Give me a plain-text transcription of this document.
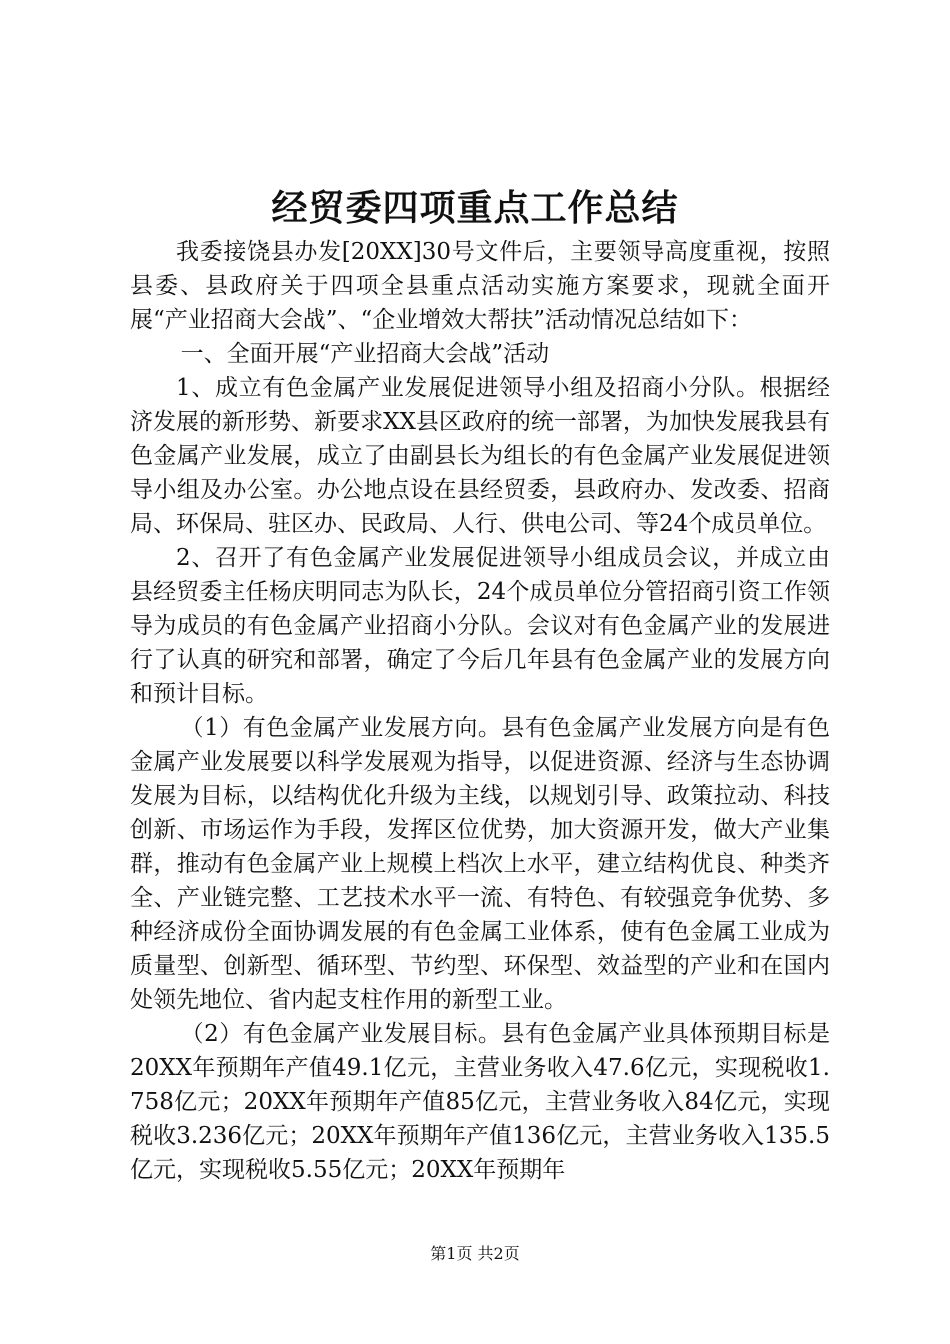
经贸委四项重点工作总结

我委接饶县办发[20XX]30号文件后，主要领导高度重视，按照县委、县政府关于四项全县重点活动实施方案要求，现就全面开展“产业招商大会战”、“企业增效大帮扶”活动情况总结如下：

一、全面开展“产业招商大会战”活动

1、成立有色金属产业发展促进领导小组及招商小分队。根据经济发展的新形势、新要求XX县区政府的统一部署，为加快发展我县有色金属产业发展，成立了由副县长为组长的有色金属产业发展促进领导小组及办公室。办公地点设在县经贸委，县政府办、发改委、招商局、环保局、驻区办、民政局、人行、供电公司、等24个成员单位。

2、召开了有色金属产业发展促进领导小组成员会议，并成立由县经贸委主任杨庆明同志为队长，24个成员单位分管招商引资工作领导为成员的有色金属产业招商小分队。会议对有色金属产业的发展进行了认真的研究和部署，确定了今后几年县有色金属产业的发展方向和预计目标。

（1）有色金属产业发展方向。县有色金属产业发展方向是有色金属产业发展要以科学发展观为指导，以促进资源、经济与生态协调发展为目标，以结构优化升级为主线，以规划引导、政策拉动、科技创新、市场运作为手段，发挥区位优势，加大资源开发，做大产业集群，推动有色金属产业上规模上档次上水平，建立结构优良、种类齐全、产业链完整、工艺技术水平一流、有特色、有较强竞争优势、多种经济成份全面协调发展的有色金属工业体系，使有色金属工业成为质量型、创新型、循环型、节约型、环保型、效益型的产业和在国内处领先地位、省内起支柱作用的新型工业。

（2）有色金属产业发展目标。县有色金属产业具体预期目标是20XX年预期年产值49.1亿元，主营业务收入47.6亿元，实现税收1.758亿元；20XX年预期年产值85亿元，主营业务收入84亿元，实现税收3.236亿元；20XX年预期年产值136亿元，主营业务收入135.5亿元，实现税收5.55亿元；20XX年预期年

第1页 共2页
